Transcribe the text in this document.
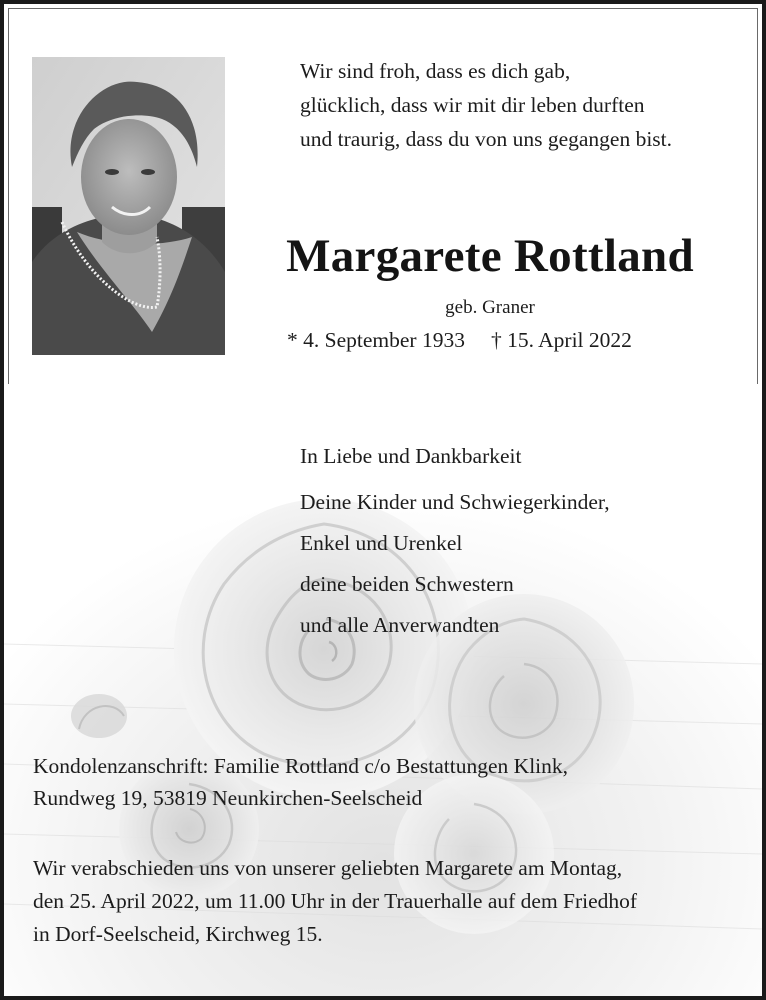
Wir sind froh, dass es dich gab,
glücklich, dass wir mit dir leben durften
und traurig, dass du von uns gegangen bist.
Margarete Rottland
geb. Graner
* 4. September 1933 † 15. April 2022
In Liebe und Dankbarkeit
Deine Kinder und Schwiegerkinder,
Enkel und Urenkel
deine beiden Schwestern
und alle Anverwandten
Kondolenzanschrift: Familie Rottland c/o Bestattungen Klink,
Rundweg 19, 53819 Neunkirchen-Seelscheid
Wir verabschieden uns von unserer geliebten Margarete am Montag,
den 25. April 2022, um 11.00 Uhr in der Trauerhalle auf dem Friedhof
in Dorf-Seelscheid, Kirchweg 15.
